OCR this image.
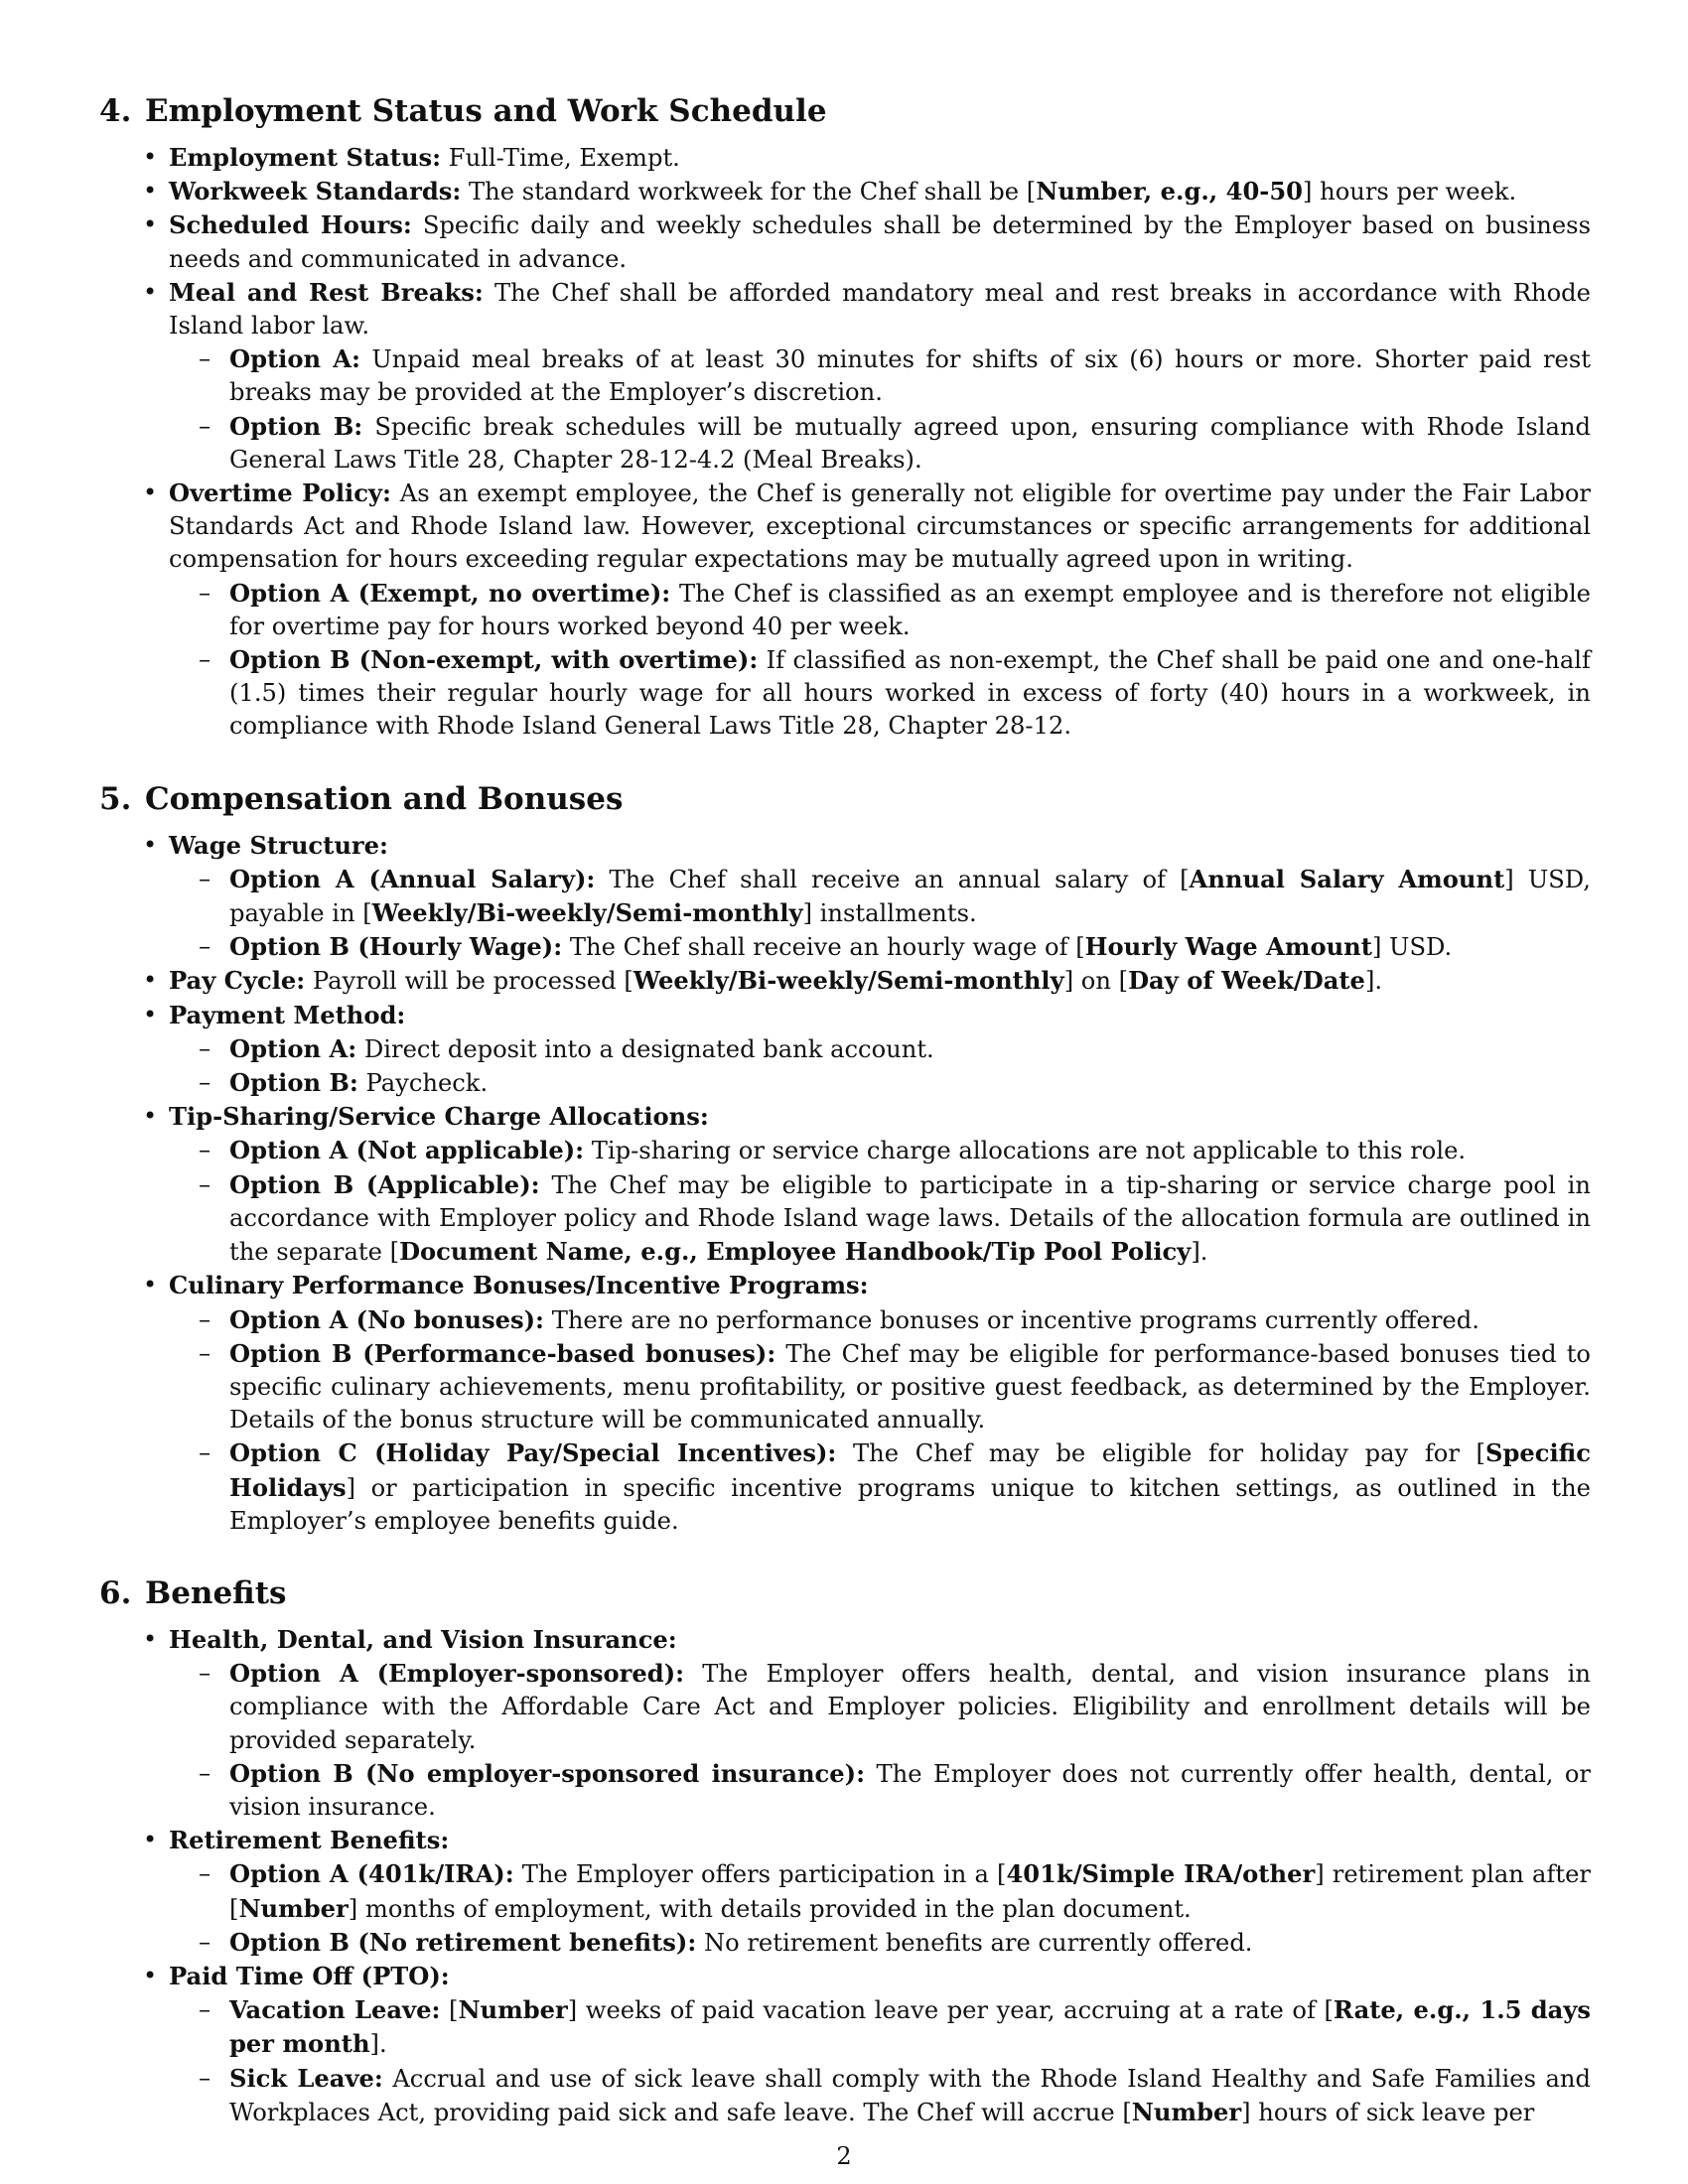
4. Employment Status and Work Schedule
• Employment Status: Full-Time, Exempt.
• Workweek Standards: The standard workweek for the Chef shall be [Number, e.g., 40-50] hours per week.
• Scheduled Hours: Specific daily and weekly schedules shall be determined by the Employer based on business needs and communicated in advance.
• Meal and Rest Breaks: The Chef shall be afforded mandatory meal and rest breaks in accordance with Rhode Island labor law.
– Option A: Unpaid meal breaks of at least 30 minutes for shifts of six (6) hours or more. Shorter paid rest breaks may be provided at the Employer’s discretion.
– Option B: Specific break schedules will be mutually agreed upon, ensuring compliance with Rhode Island General Laws Title 28, Chapter 28-12-4.2 (Meal Breaks).
• Overtime Policy: As an exempt employee, the Chef is generally not eligible for overtime pay under the Fair Labor Standards Act and Rhode Island law. However, exceptional circumstances or specific arrangements for additional compensation for hours exceeding regular expectations may be mutually agreed upon in writing.
– Option A (Exempt, no overtime): The Chef is classified as an exempt employee and is therefore not eligible for overtime pay for hours worked beyond 40 per week.
– Option B (Non-exempt, with overtime): If classified as non-exempt, the Chef shall be paid one and one-half (1.5) times their regular hourly wage for all hours worked in excess of forty (40) hours in a workweek, in compliance with Rhode Island General Laws Title 28, Chapter 28-12.
5. Compensation and Bonuses
• Wage Structure:
– Option A (Annual Salary): The Chef shall receive an annual salary of [Annual Salary Amount] USD, payable in [Weekly/Bi-weekly/Semi-monthly] installments.
– Option B (Hourly Wage): The Chef shall receive an hourly wage of [Hourly Wage Amount] USD.
• Pay Cycle: Payroll will be processed [Weekly/Bi-weekly/Semi-monthly] on [Day of Week/Date].
• Payment Method:
– Option A: Direct deposit into a designated bank account.
– Option B: Paycheck.
• Tip-Sharing/Service Charge Allocations:
– Option A (Not applicable): Tip-sharing or service charge allocations are not applicable to this role.
– Option B (Applicable): The Chef may be eligible to participate in a tip-sharing or service charge pool in accordance with Employer policy and Rhode Island wage laws. Details of the allocation formula are outlined in the separate [Document Name, e.g., Employee Handbook/Tip Pool Policy].
• Culinary Performance Bonuses/Incentive Programs:
– Option A (No bonuses): There are no performance bonuses or incentive programs currently offered.
– Option B (Performance-based bonuses): The Chef may be eligible for performance-based bonuses tied to specific culinary achievements, menu profitability, or positive guest feedback, as determined by the Employer. Details of the bonus structure will be communicated annually.
– Option C (Holiday Pay/Special Incentives): The Chef may be eligible for holiday pay for [Specific Holidays] or participation in specific incentive programs unique to kitchen settings, as outlined in the Employer’s employee benefits guide.
6. Benefits
• Health, Dental, and Vision Insurance:
– Option A (Employer-sponsored): The Employer offers health, dental, and vision insurance plans in compliance with the Affordable Care Act and Employer policies. Eligibility and enrollment details will be provided separately.
– Option B (No employer-sponsored insurance): The Employer does not currently offer health, dental, or vision insurance.
• Retirement Benefits:
– Option A (401k/IRA): The Employer offers participation in a [401k/Simple IRA/other] retirement plan after [Number] months of employment, with details provided in the plan document.
– Option B (No retirement benefits): No retirement benefits are currently offered.
• Paid Time Off (PTO):
– Vacation Leave: [Number] weeks of paid vacation leave per year, accruing at a rate of [Rate, e.g., 1.5 days per month].
– Sick Leave: Accrual and use of sick leave shall comply with the Rhode Island Healthy and Safe Families and Workplaces Act, providing paid sick and safe leave. The Chef will accrue [Number] hours of sick leave per
2
